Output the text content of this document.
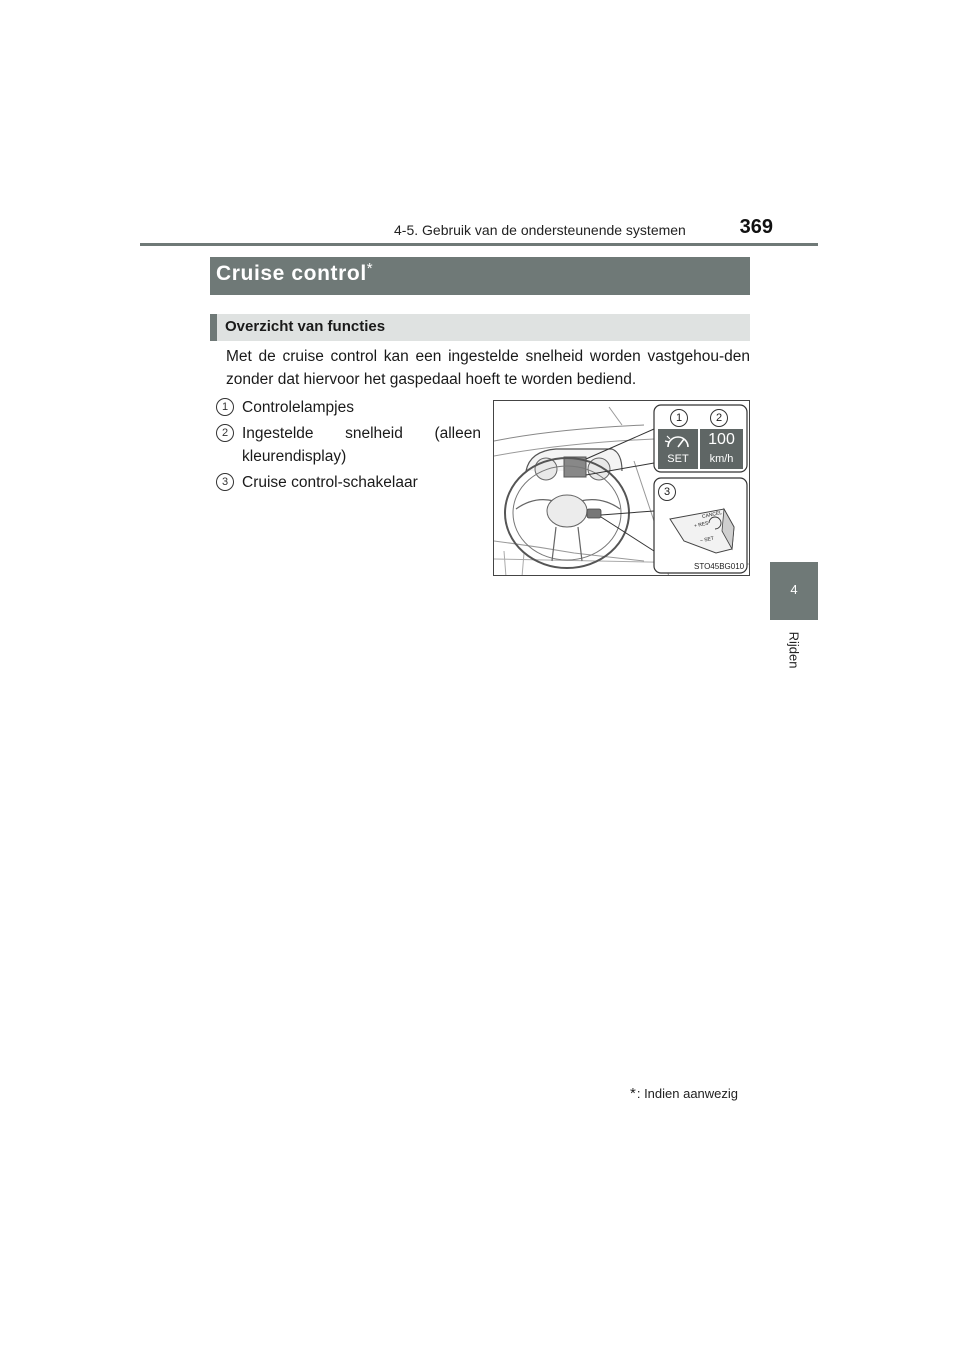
4-5. Gebruik van de ondersteunende systemen	369
4
Rijden
Cruise control*
Overzicht van functies

Met de cruise control kan een ingestelde snelheid worden vastgehou-den zonder dat hiervoor het gaspedaal hoeft te worden bediend.

1 Controlelampjes
2 Ingestelde snelheid (alleen
kleurendisplay)
3 Cruise control-schakelaar
1	2
3
SET
100
km/h
CANCEL
+ RES
− SET
STO45BG010
*: Indien aanwezig
